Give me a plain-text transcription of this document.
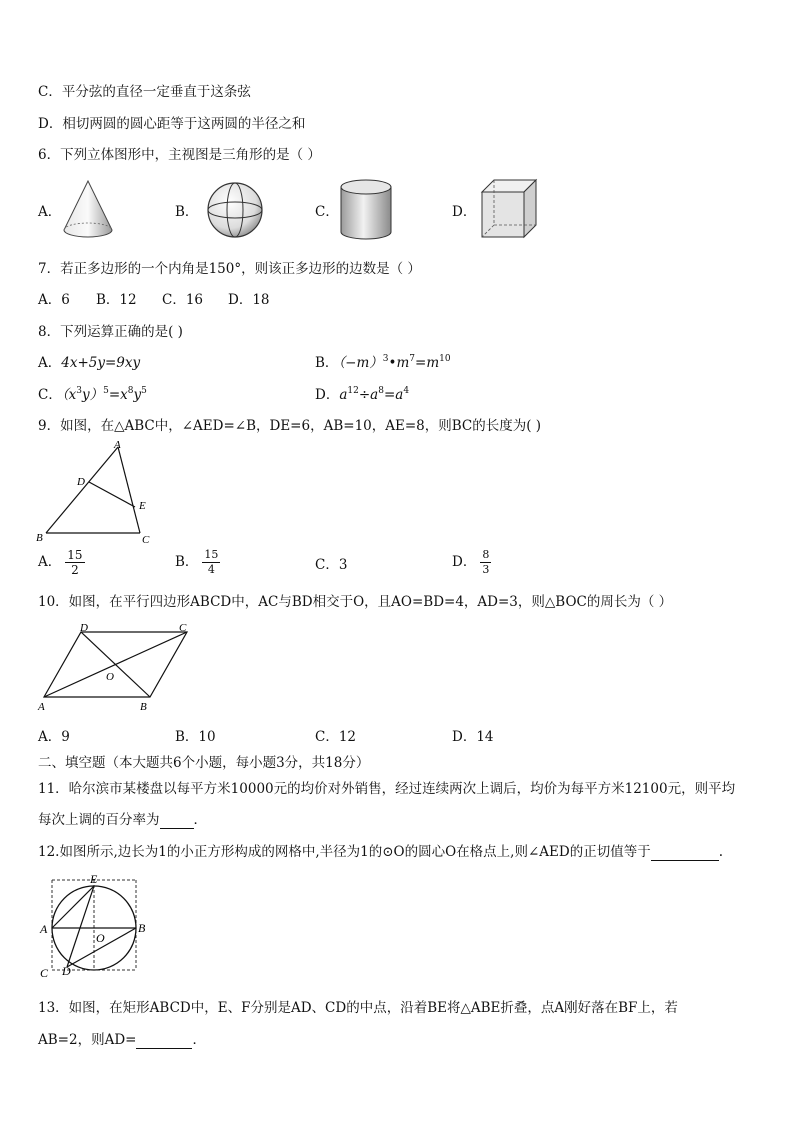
C．平分弦的直径一定垂直于这条弦
D．相切两圆的圆心距等于这两圆的半径之和
6．下列立体图形中，主视图是三角形的是（ ）
A．	B．	C．	D．
7．若正多边形的一个内角是150°，则该正多边形的边数是（ ）
A．6 B．12 C．16 D．18
8．下列运算正确的是( )
A．4x+5y=9xy	B．$(-m)^3•m^7=m^{10}$
C．$(x^3y)^5=x^8y^5$	D．$a^{12}\div a^8=a^4$
9．如图，在△ABC中，∠AED=∠B，DE=6，AB=10，AE=8，则BC的长度为( )
A
D
E
B	C
A． $\frac{15}{2}$	B． $\frac{15}{4}$	C．3	D． $\frac{8}{3}$
10．如图，在平行四边形ABCD中，AC与BD相交于O，且AO=BD=4，AD=3，则△BOC的周长为（ ）
D	C
O
A	B
A．9	B．10	C．12	D．14
二、填空题（本大题共6个小题，每小题3分，共18分）
11．哈尔滨市某楼盘以每平方米10000元的均价对外销售，经过连续两次上调后，均价为每平方米12100元，则平均
每次上调的百分率为	．
12.如图所示,边长为1的小正方形构成的网格中,半径为1的⊙O的圆心O在格点上,则∠AED的正切值等于	.
E
A	B
O
C D
13．如图，在矩形ABCD中，E、F分别是AD、CD的中点，沿着BE将△ABE折叠，点A刚好落在BF上，若
AB=2，则AD=	．
